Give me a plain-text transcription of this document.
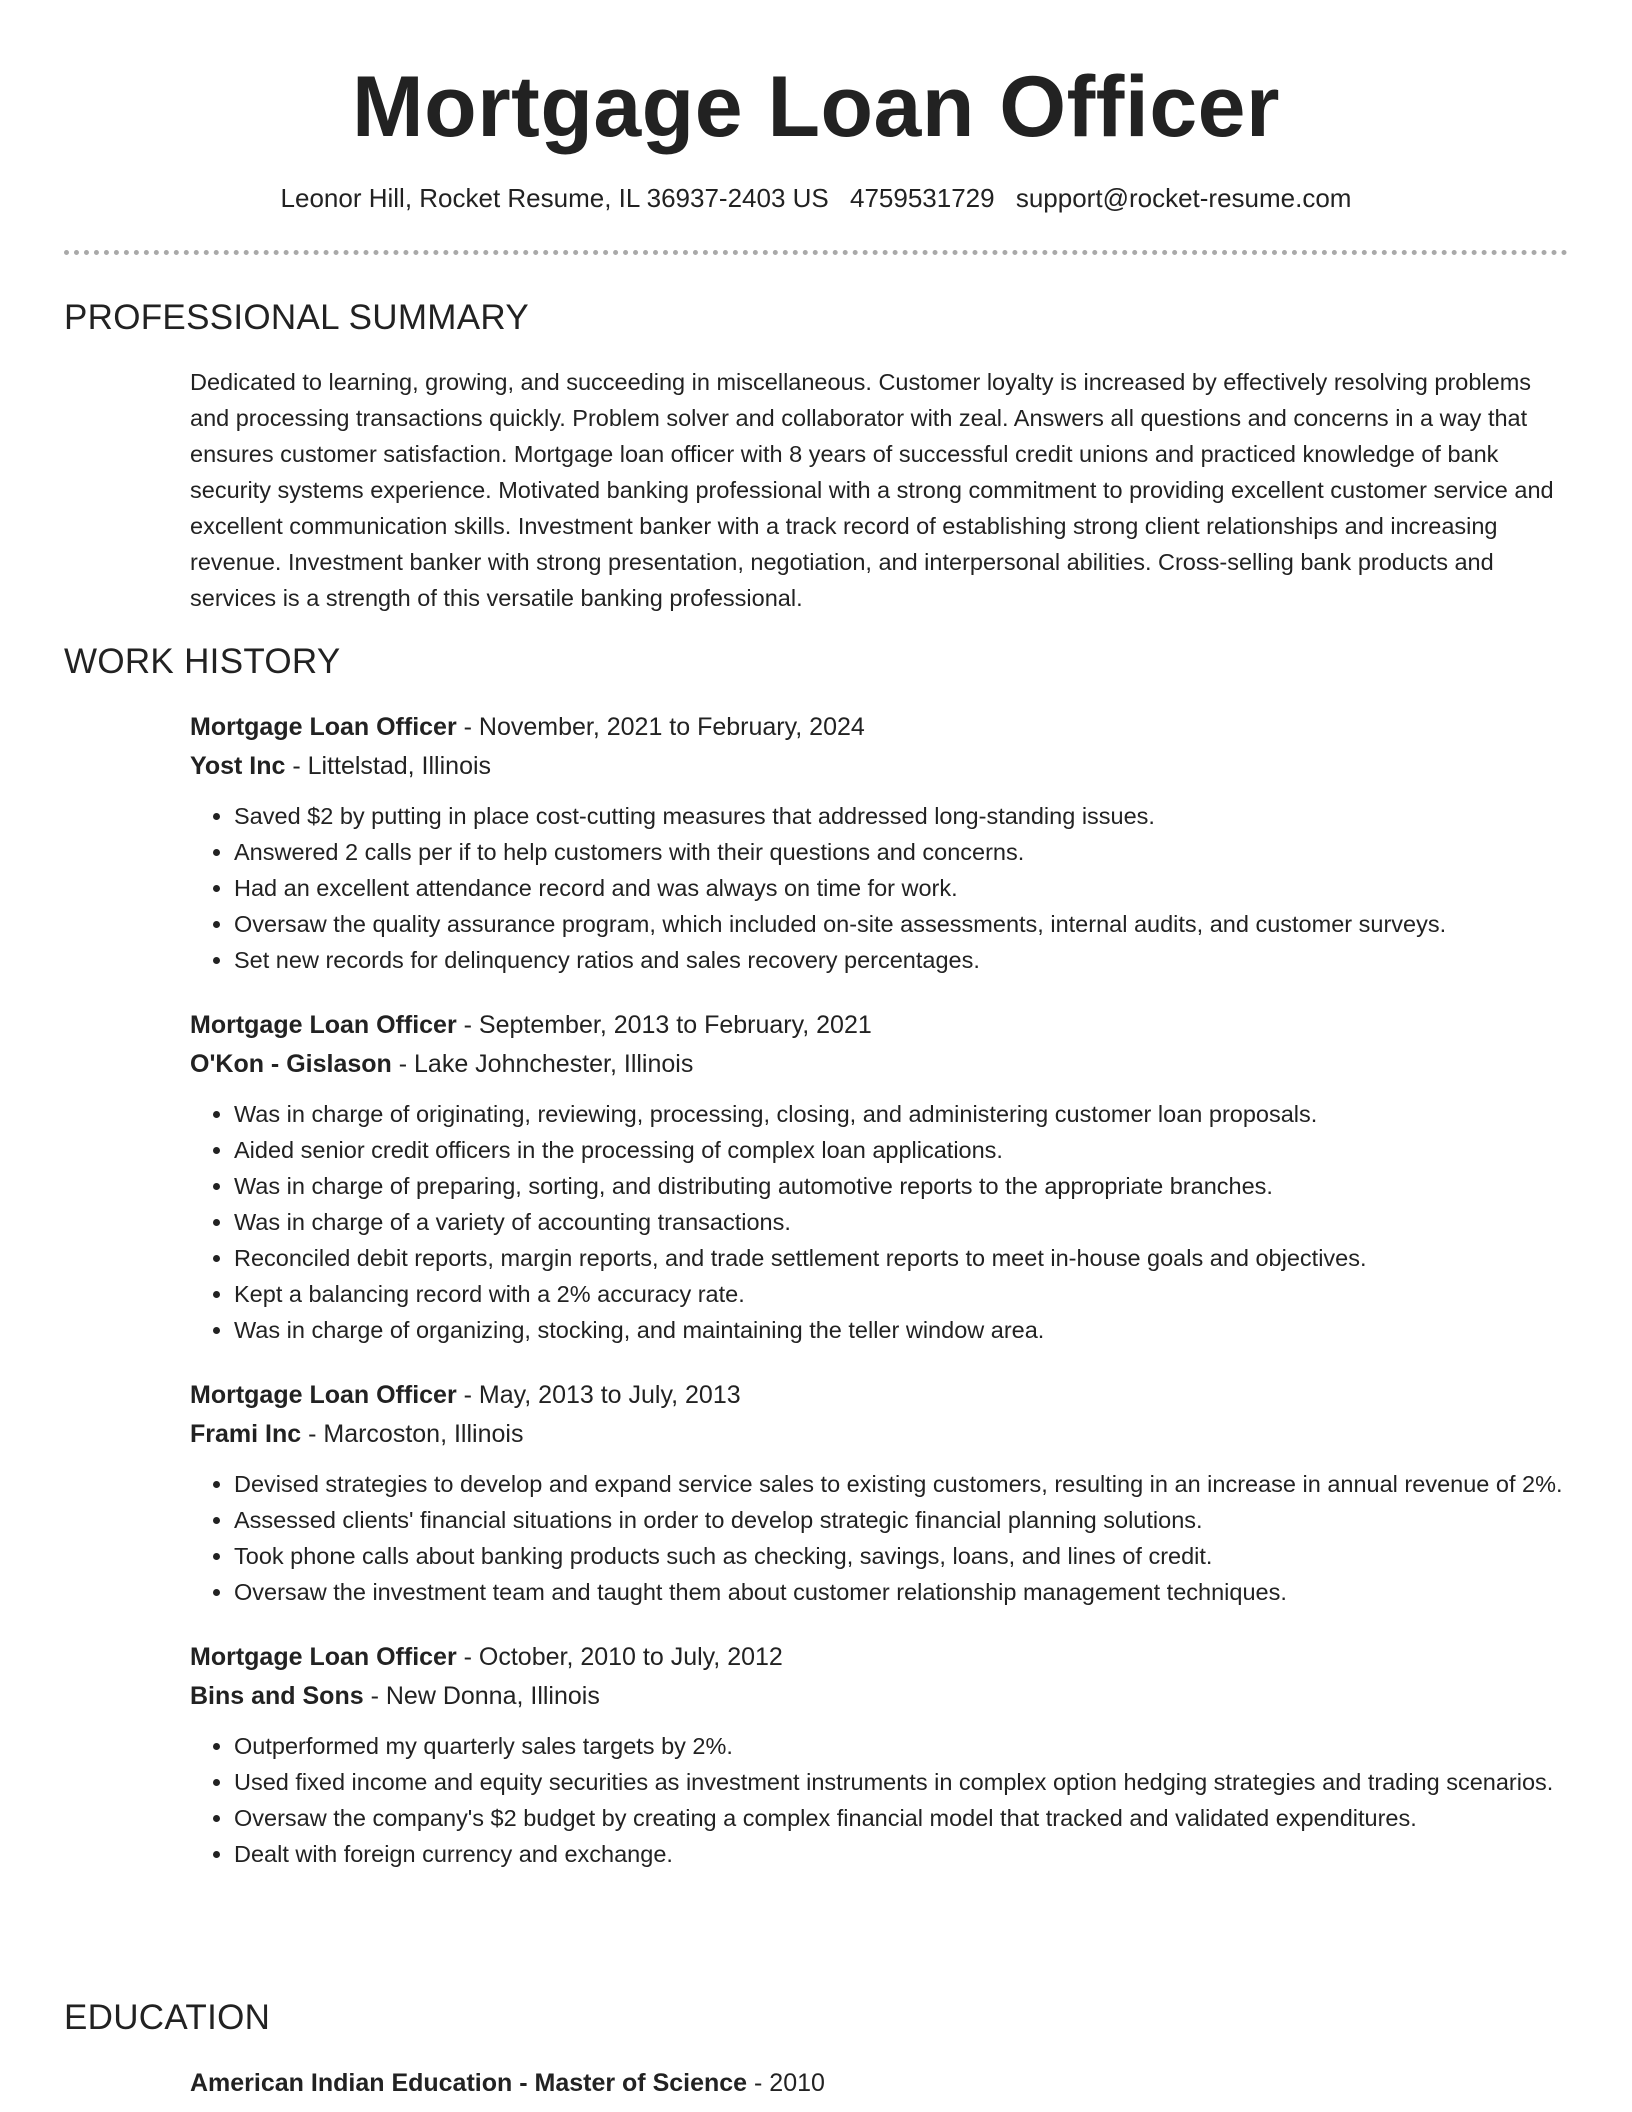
Mortgage Loan Officer
Leonor Hill, Rocket Resume, IL 36937-2403 US 4759531729 support@rocket-resume.com
PROFESSIONAL SUMMARY

Dedicated to learning, growing, and succeeding in miscellaneous. Customer loyalty is increased by effectively resolving problems and processing transactions quickly. Problem solver and collaborator with zeal. Answers all questions and concerns in a way that ensures customer satisfaction. Mortgage loan officer with 8 years of successful credit unions and practiced knowledge of bank security systems experience. Motivated banking professional with a strong commitment to providing excellent customer service and excellent communication skills. Investment banker with a track record of establishing strong client relationships and increasing revenue. Investment banker with strong presentation, negotiation, and interpersonal abilities. Cross-selling bank products and services is a strength of this versatile banking professional.

WORK HISTORY

Mortgage Loan Officer - November, 2021 to February, 2024

Yost Inc - Littelstad, Illinois

• Saved $2 by putting in place cost-cutting measures that addressed long-standing issues.
• Answered 2 calls per if to help customers with their questions and concerns.
• Had an excellent attendance record and was always on time for work.
• Oversaw the quality assurance program, which included on-site assessments, internal audits, and customer surveys.
• Set new records for delinquency ratios and sales recovery percentages.

Mortgage Loan Officer - September, 2013 to February, 2021

O'Kon - Gislason - Lake Johnchester, Illinois

• Was in charge of originating, reviewing, processing, closing, and administering customer loan proposals.
• Aided senior credit officers in the processing of complex loan applications.
• Was in charge of preparing, sorting, and distributing automotive reports to the appropriate branches.
• Was in charge of a variety of accounting transactions.
• Reconciled debit reports, margin reports, and trade settlement reports to meet in-house goals and objectives.
• Kept a balancing record with a 2% accuracy rate.
• Was in charge of organizing, stocking, and maintaining the teller window area.

Mortgage Loan Officer - May, 2013 to July, 2013

Frami Inc - Marcoston, Illinois

• Devised strategies to develop and expand service sales to existing customers, resulting in an increase in annual revenue of 2%.
• Assessed clients' financial situations in order to develop strategic financial planning solutions.
• Took phone calls about banking products such as checking, savings, loans, and lines of credit.
• Oversaw the investment team and taught them about customer relationship management techniques.

Mortgage Loan Officer - October, 2010 to July, 2012

Bins and Sons - New Donna, Illinois

• Outperformed my quarterly sales targets by 2%.
• Used fixed income and equity securities as investment instruments in complex option hedging strategies and trading scenarios.
• Oversaw the company's $2 budget by creating a complex financial model that tracked and validated expenditures.
• Dealt with foreign currency and exchange.
EDUCATION

American Indian Education - Master of Science - 2010
